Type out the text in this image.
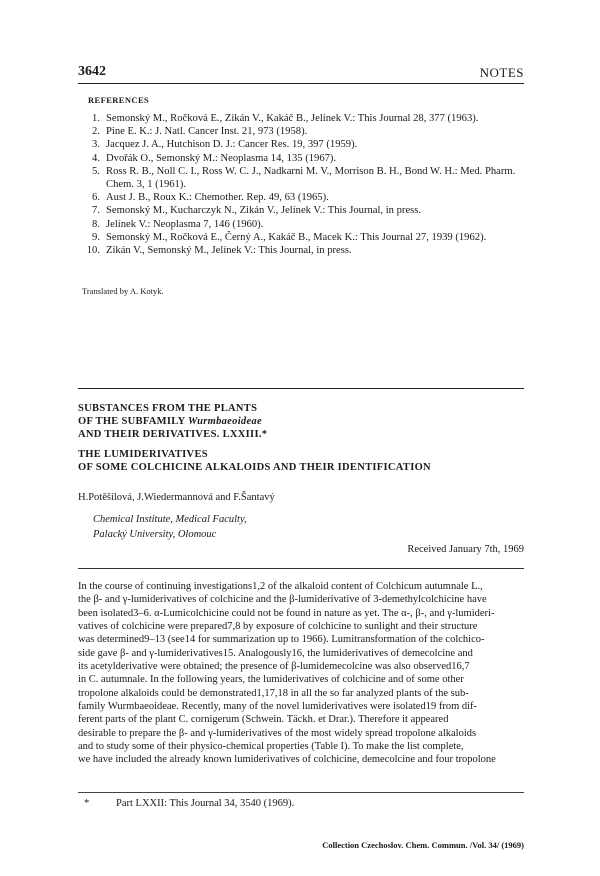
3642	NOTES
REFERENCES
1. Semonský M., Ročková E., Zikán V., Kakáč B., Jelínek V.: This Journal 28, 377 (1963).
2. Pine E. K.: J. Natl. Cancer Inst. 21, 973 (1958).
3. Jacquez J. A., Hutchison D. J.: Cancer Res. 19, 397 (1959).
4. Dvořák O., Semonský M.: Neoplasma 14, 135 (1967).
5. Ross R. B., Noll C. I., Ross W. C. J., Nadkarni M. V., Morrison B. H., Bond W. H.: Med. Pharm. Chem. 3, 1 (1961).
6. Aust J. B., Roux K.: Chemother. Rep. 49, 63 (1965).
7. Semonský M., Kucharczyk N., Zikán V., Jelínek V.: This Journal, in press.
8. Jelínek V.: Neoplasma 7, 146 (1960).
9. Semonský M., Ročková E., Černý A., Kakáč B., Macek K.: This Journal 27, 1939 (1962).
10. Zikán V., Semonský M., Jelínek V.: This Journal, in press.
Translated by A. Kotyk.
SUBSTANCES FROM THE PLANTS
OF THE SUBFAMILY Wurmbaeoideae
AND THEIR DERIVATIVES. LXXIII.*
THE LUMIDERIVATIVES
OF SOME COLCHICINE ALKALOIDS AND THEIR IDENTIFICATION
H.Potěšilová, J.Wiedermannová and F.Šantavý
Chemical Institute, Medical Faculty,
Palacký University, Olomouc
Received January 7th, 1969

In the course of continuing investigations1,2 of the alkaloid content of Colchicum autumnale L.,

the β- and γ-lumiderivatives of colchicine and the β-lumiderivative of 3-demethylcolchicine have

been isolated3–6. α-Lumicolchicine could not be found in nature as yet. The α-, β-, and γ-lumideri-

vatives of colchicine were prepared7,8 by exposure of colchicine to sunlight and their structure

was determined9–13 (see14 for summarization up to 1966). Lumitransformation of the colchico-

side gave β- and γ-lumiderivatives15. Analogously16, the lumiderivatives of demecolcine and

its acetylderivative were obtained; the presence of β-lumidemecolcine was also observed16,7

in C. autumnale. In the following years, the lumiderivatives of colchicine and of some other

tropolone alkaloids could be demonstrated1,17,18 in all the so far analyzed plants of the sub-

family Wurmbaeoideae. Recently, many of the novel lumiderivatives were isolated19 from dif-

ferent parts of the plant C. cornigerum (Schwein. Täckh. et Drar.). Therefore it appeared

desirable to prepare the β- and γ-lumiderivatives of the most widely spread tropolone alkaloids

and to study some of their physico-chemical properties (Table I). To make the list complete,

we have included the already known lumiderivatives of colchicine, demecolcine and four tropolone

*	Part LXXII: This Journal 34, 3540 (1969).
Collection Czechoslov. Chem. Commun. /Vol. 34/ (1969)
